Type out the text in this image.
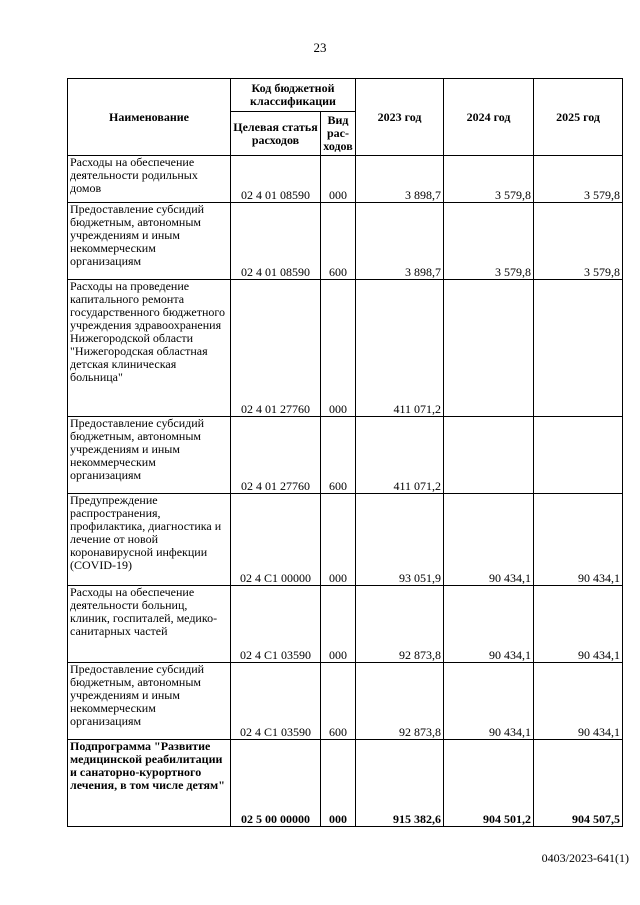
23
Наименование	Код бюджетной классификации		2023 год	2024 год	2025 год
	Целевая статья расходов	Вид рас-ходов			
Расходы на обеспечение деятельности родильных домов	02 4 01 08590	000	3 898,7	3 579,8	3 579,8
Предоставление субсидий бюджетным, автономным учреждениям и иным некоммерческим организациям	02 4 01 08590	600	3 898,7	3 579,8	3 579,8
Расходы на проведение капитального ремонта государственного бюджетного учреждения здравоохранения Нижегородской области "Нижегородская областная детская клиническая больница"	02 4 01 27760	000	411 071,2		
Предоставление субсидий бюджетным, автономным учреждениям и иным некоммерческим организациям	02 4 01 27760	600	411 071,2		
Предупреждение распространения, профилактика, диагностика и лечение от новой коронавирусной инфекции (COVID-19)	02 4 С1 00000	000	93 051,9	90 434,1	90 434,1
Расходы на обеспечение деятельности больниц, клиник, госпиталей, медико-санитарных частей	02 4 С1 03590	000	92 873,8	90 434,1	90 434,1
Предоставление субсидий бюджетным, автономным учреждениям и иным некоммерческим организациям	02 4 С1 03590	600	92 873,8	90 434,1	90 434,1
Подпрограмма "Развитие медицинской реабилитации и санаторно-курортного лечения, в том числе детям"	02 5 00 00000	000	915 382,6	904 501,2	904 507,5
0403/2023-641(1)
